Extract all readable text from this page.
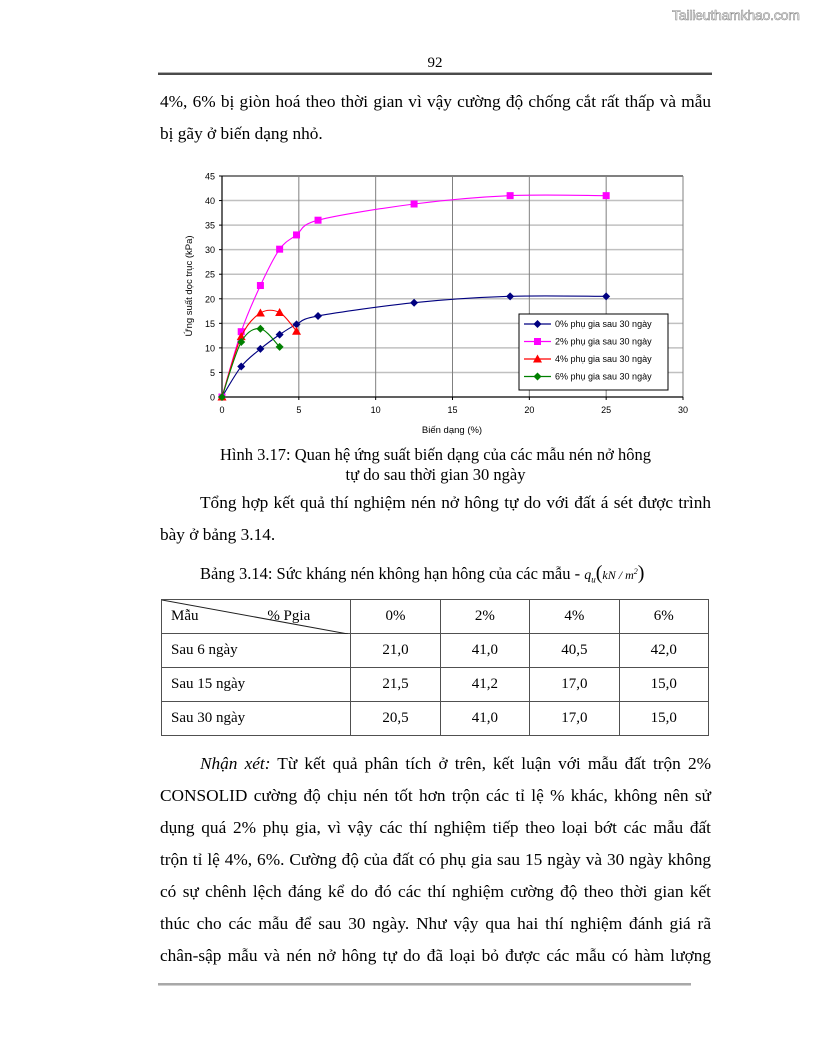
Tailieuthamkhao.com
92
4%, 6% bị giòn hoá theo thời gian vì vậy cường độ chống cắt rất thấp và mẫu
bị gãy ở biến dạng nhỏ.
0
5
10
15
20
25
30
35
40
45
0	5	10	15	20	25	30
Biến dạng (%)
Ứng suất dọc trục (kPa)	0% phụ gia sau 30 ngày
2% phụ gia sau 30 ngày
4% phụ gia sau 30 ngày
6% phụ gia sau 30 ngày
Hình 3.17: Quan hệ ứng suất biến dạng của các mẫu nén nở hông
tự do sau thời gian 30 ngày
Tổng hợp kết quả thí nghiệm nén nở hông tự do với đất á sét được trình
bày ở bảng 3.14.
Bảng 3.14: Sức kháng nén không hạn hông của các mẫu - $q_u(kN / m^2)$
Mẫu % Pgia	0%	2%	4%	6%
Sau 6 ngày	21,0	41,0	40,5	42,0
Sau 15 ngày	21,5	41,2	17,0	15,0
Sau 30 ngày	20,5	41,0	17,0	15,0
Nhận xét: Từ kết quả phân tích ở trên, kết luận với mẫu đất trộn 2%
CONSOLID cường độ chịu nén tốt hơn trộn các tỉ lệ % khác, không nên sử
dụng quá 2% phụ gia, vì vậy các thí nghiệm tiếp theo loại bớt các mẫu đất
trộn tỉ lệ 4%, 6%. Cường độ của đất có phụ gia sau 15 ngày và 30 ngày không
có sự chênh lệch đáng kể do đó các thí nghiệm cường độ theo thời gian kết
thúc cho các mẫu để sau 30 ngày. Như vậy qua hai thí nghiệm đánh giá rã
chân-sập mẫu và nén nở hông tự do đã loại bỏ được các mẫu có hàm lượng
